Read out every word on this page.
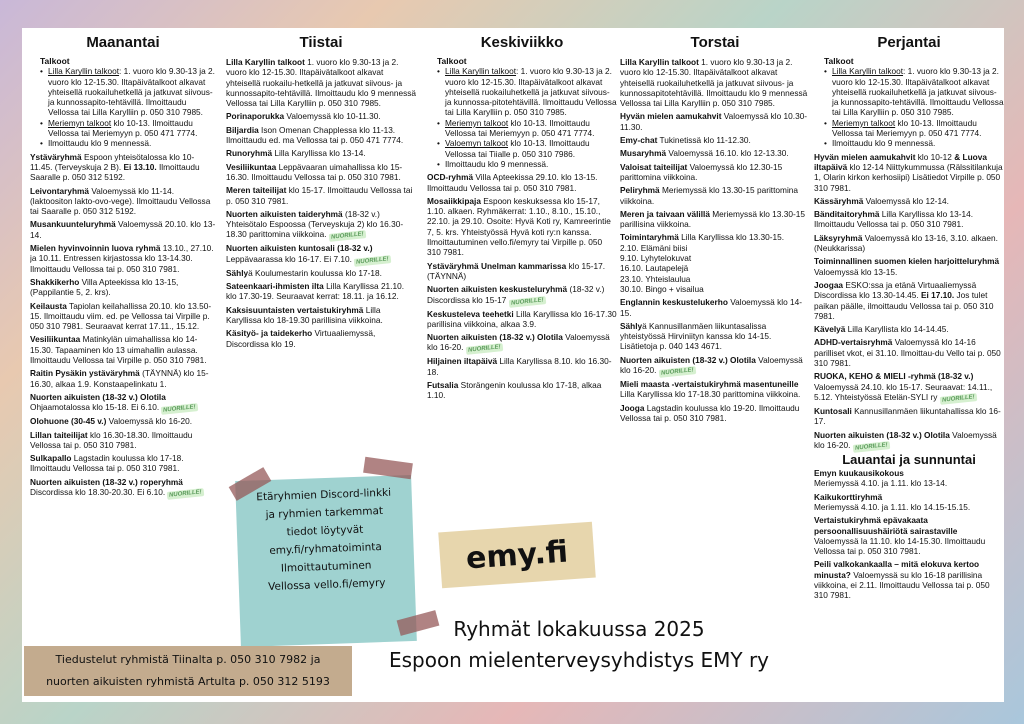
Maanantai
Talkoot
• Lilla Karyllin talkoot: 1. vuoro klo 9.30-13 ja 2. vuoro klo 12-15.30. Iltapäivätalkoot alkavat yhteisellä ruokailuhetkellä ja jatkuvat siivous- ja kunnossapito-tehtävillä. Ilmoittaudu Vellossa tai Lilla Karylliin p. 050 310 7985.
• Meriemyn talkoot klo 10-13. Ilmoittaudu Vellossa tai Meriemyyn p. 050 471 7774.
• Ilmoittaudu klo 9 mennessä.
Ystäväryhmä Espoon yhteisötalossa klo 10-11.45. (Terveyskuja 2 B). Ei 13.10. Ilmoittaudu Saaralle p. 050 312 5192.
Leivontaryhmä Valoemyssä klo 11-14. (laktoositon lakto-ovo-vege). Ilmoittaudu Vellossa tai Saaralle p. 050 312 5192.
Musankuunteluryhmä Valoemyssä 20.10. klo 13-14.
Mielen hyvinvoinnin luova ryhmä 13.10., 27.10. ja 10.11. Entressen kirjastossa klo 13-14.30. Ilmoittaudu Vellossa tai p. 050 310 7981.
Shakkikerho Villa Apteekissa klo 13-15, (Pappilantie 5, 2. krs).
Keilausta Tapiolan keilahallissa 20.10. klo 13.50-15. Ilmoittaudu viim. ed. pe Vellossa tai Virpille p. 050 310 7981. Seuraavat kerrat 17.11., 15.12.
Vesiliikuntaa Matinkylän uimahallissa klo 14-15.30. Tapaaminen klo 13 uimahallin aulassa. Ilmoittaudu Vellossa tai Virpille p. 050 310 7981.
Raitin Pysäkin ystäväryhmä (TÄYNNÄ) klo 15-16.30, alkaa 1.9. Konstaapelinkatu 1.
Nuorten aikuisten (18-32 v.) Olotila Ohjaamotalossa klo 15-18. Ei 6.10. NUORILLE!
Olohuone (30-45 v.) Valoemyssä klo 16-20.
Lillan taiteilijat klo 16.30-18.30. Ilmoittaudu Vellossa tai p. 050 310 7981.
Sulkapallo Lagstadin koulussa klo 17-18. Ilmoittaudu Vellossa tai p. 050 310 7981.
Nuorten aikuisten (18-32 v.) roperyhmä Discordissa klo 18.30-20.30. Ei 6.10. NUORILLE!
Tiistai
Lilla Karyllin talkoot 1. vuoro klo 9.30-13 ja 2. vuoro klo 12-15.30. Iltapäivätalkoot alkavat yhteisellä ruokailu-hetkellä ja jatkuvat siivous- ja kunnossapito-tehtävillä. Ilmoittaudu klo 9 mennessä Vellossa tai Lilla Karylliin p. 050 310 7985.
Porinaporukka Valoemyssä klo 10-11.30.
Biljardia Ison Omenan Chapplessa klo 11-13. Ilmoittaudu ed. ma Vellossa tai p. 050 471 7774.
Runoryhmä Lilla Karyllissa klo 13-14.
Vesiliikuntaa Leppävaaran uimahallissa klo 15-16.30. Ilmoittaudu Vellossa tai p. 050 310 7981.
Meren taiteilijat klo 15-17. Ilmoittaudu Vellossa tai p. 050 310 7981.
Nuorten aikuisten taideryhmä (18-32 v.) Yhteisötalo Espoossa (Terveyskuja 2) klo 16.30-18.30 parittomina viikkoina. NUORILLE!
Nuorten aikuisten kuntosali (18-32 v.) Leppävaarassa klo 16-17. Ei 7.10. NUORILLE!
Sählyä Koulumestarin koulussa klo 17-18.
Sateenkaari-ihmisten ilta Lilla Karyllissa 21.10. klo 17.30-19. Seuraavat kerrat: 18.11. ja 16.12.
Kaksisuuntaisten vertaistukiryhmä Lilla Karyllissa klo 18-19.30 parillisina viikkoina.
Käsityö- ja taidekerho Virtuaaliemyssä, Discordissa klo 19.
Keskiviikko
Talkoot
• Lilla Karyllin talkoot: 1. vuoro klo 9.30-13 ja 2. vuoro klo 12-15.30. Iltapäivätalkoot alkavat yhteisellä ruokailuhetkellä ja jatkuvat siivous- ja kunnossa-pitotehtävillä. Ilmoittaudu Vellossa tai Lilla Karylliin p. 050 310 7985.
• Meriemyn talkoot klo 10-13. Ilmoittaudu Vellossa tai Meriemyyn p. 050 471 7774.
• Valoemyn talkoot klo 10-13. Ilmoittaudu Vellossa tai Tiialle p. 050 310 7986.
• Ilmoittaudu klo 9 mennessä.
OCD-ryhmä Villa Apteekissa 29.10. klo 13-15. Ilmoittaudu Vellossa tai p. 050 310 7981.
Mosaiikkipaja Espoon keskuksessa klo 15-17, 1.10. alkaen. Ryhmäkerrat: 1.10., 8.10., 15.10., 22.10. ja 29.10. Osoite: Hyvä Koti ry, Kamreerintie 7, 5. krs. Yhteistyössä Hyvä koti ry:n kanssa. Ilmoittautuminen vello.fi/emyry tai Virpille p. 050 310 7981.
Ystäväryhmä Unelman kammarissa klo 15-17. (TÄYNNÄ)
Nuorten aikuisten keskusteluryhmä (18-32 v.) Discordissa klo 15-17 NUORILLE!
Keskusteleva teehetki Lilla Karyllissa klo 16-17.30 parillisina viikkoina, alkaa 3.9.
Nuorten aikuisten (18-32 v.) Olotila Valoemyssä klo 16-20. NUORILLE!
Hiljainen iltapäivä Lilla Karyllissa 8.10. klo 16.30-18.
Futsalia Storängenin koulussa klo 17-18, alkaa 1.10.
Torstai
Lilla Karyllin talkoot 1. vuoro klo 9.30-13 ja 2. vuoro klo 12-15.30. Iltapäivätalkoot alkavat yhteisellä ruokailuhetkellä ja jatkuvat siivous- ja kunnossapitotehtävillä. Ilmoittaudu klo 9 mennessä Vellossa tai Lilla Karylliin p. 050 310 7985.
Hyvän mielen aamukahvit Valoemyssä klo 10.30-11.30.
Emy-chat Tukinetissä klo 11-12.30.
Musaryhmä Valoemyssä 16.10. klo 12-13.30.
Valoisat taiteilijat Valoemyssä klo 12.30-15 parittomina viikkoina.
Peliryhmä Meriemyssä klo 13.30-15 parittomina viikkoina.
Meren ja taivaan välillä Meriemyssä klo 13.30-15 parillisina viikkoina.
Toimintaryhmä Lilla Karyllissa klo 13.30-15.
2.10. Elämäni biisi
9.10. Lyhytelokuvat
16.10. Lautapelejä
23.10. Yhteislaulua
30.10. Bingo + visailua
Englannin keskustelukerho Valoemyssä klo 14-15.
Sählyä Kannusillanmäen liikuntasalissa yhteistyössä Hirviniityn kanssa klo 14-15. Lisätietoja p. 040 143 4671.
Nuorten aikuisten (18-32 v.) Olotila Valoemyssä klo 16-20. NUORILLE!
Mieli maasta -vertaistukiryhmä masentuneille Lilla Karyllissa klo 17-18.30 parittomina viikkoina.
Jooga Lagstadin koulussa klo 19-20. Ilmoittaudu Vellossa tai p. 050 310 7981.
Perjantai
Talkoot
• Lilla Karyllin talkoot: 1. vuoro klo 9.30-13 ja 2. vuoro klo 12-15.30. Iltapäivätalkoot alkavat yhteisellä ruokailuhetkellä ja jatkuvat siivous- ja kunnossapito-tehtävillä. Ilmoittaudu Vellossa tai Lilla Karylliin p. 050 310 7985.
• Meriemyn talkoot klo 10-13. Ilmoittaudu Vellossa tai Meriemyyn p. 050 471 7774.
• Ilmoittaudu klo 9 mennessä.
Hyvän mielen aamukahvit klo 10-12 & Luova iltapäivä klo 12-14 Niittykummussa (Rälssitilankuja 1, Olarin kirkon kerhosiipi) Lisätiedot Virpille p. 050 310 7981.
Kässäryhmä Valoemyssä klo 12-14.
Bänditaitoryhmä Lilla Karyllissa klo 13-14. Ilmoittaudu Vellossa tai p. 050 310 7981.
Läksyryhmä Valoemyssä klo 13-16, 3.10. alkaen. (Neukkarissa)
Toiminnallinen suomen kielen harjoitteluryhmä Valoemyssä klo 13-15.
Joogaa ESKO:ssa ja etänä Virtuaaliemyssä Discordissa klo 13.30-14.45. Ei 17.10. Jos tulet paikan päälle, ilmoittaudu Vellossa tai p. 050 310 7981.
Kävelyä Lilla Karyllista klo 14-14.45.
ADHD-vertaisryhmä Valoemyssä klo 14-16 parilliset vkot, ei 31.10. Ilmoittau-du Vello tai p. 050 310 7981.
RUOKA, KEHO & MIELI -ryhmä (18-32 v.) Valoemyssä 24.10. klo 15-17. Seuraavat: 14.11., 5.12. Yhteistyössä Etelän-SYLI ry NUORILLE!
Kuntosali Kannusillanmäen liikuntahallissa klo 16-17.
Nuorten aikuisten (18-32 v.) Olotila Valoemyssä klo 16-20. NUORILLE!
Lauantai ja sunnuntai
Emyn kuukausikokous
Meriemyssä 4.10. ja 1.11. klo 13-14.
Kaikukorttiryhmä
Meriemyssä 4.10. ja 1.11. klo 14.15-15.15.
Vertaistukiryhmä epävakaata persoonallisuushäiriötä sairastaville Valoemyssä la 11.10. klo 14-15.30. Ilmoittaudu Vellossa tai p. 050 310 7981.
Peili valkokankaalla – mitä elokuva kertoo minusta? Valoemyssä su klo 16-18 parillisina viikkoina, ei 2.11. Ilmoittaudu Vellossa tai p. 050 310 7981.
Etäryhmien Discord-linkki
ja ryhmien tarkemmat
tiedot löytyvät
emy.fi/ryhmatoiminta
Ilmoittautuminen
Vellossa vello.fi/emyry
Tiedustelut ryhmistä Tiinalta p. 050 310 7982 ja
nuorten aikuisten ryhmistä Artulta p. 050 312 5193
emy.fi
Ryhmät lokakuussa 2025
Espoon mielenterveysyhdistys EMY ry
